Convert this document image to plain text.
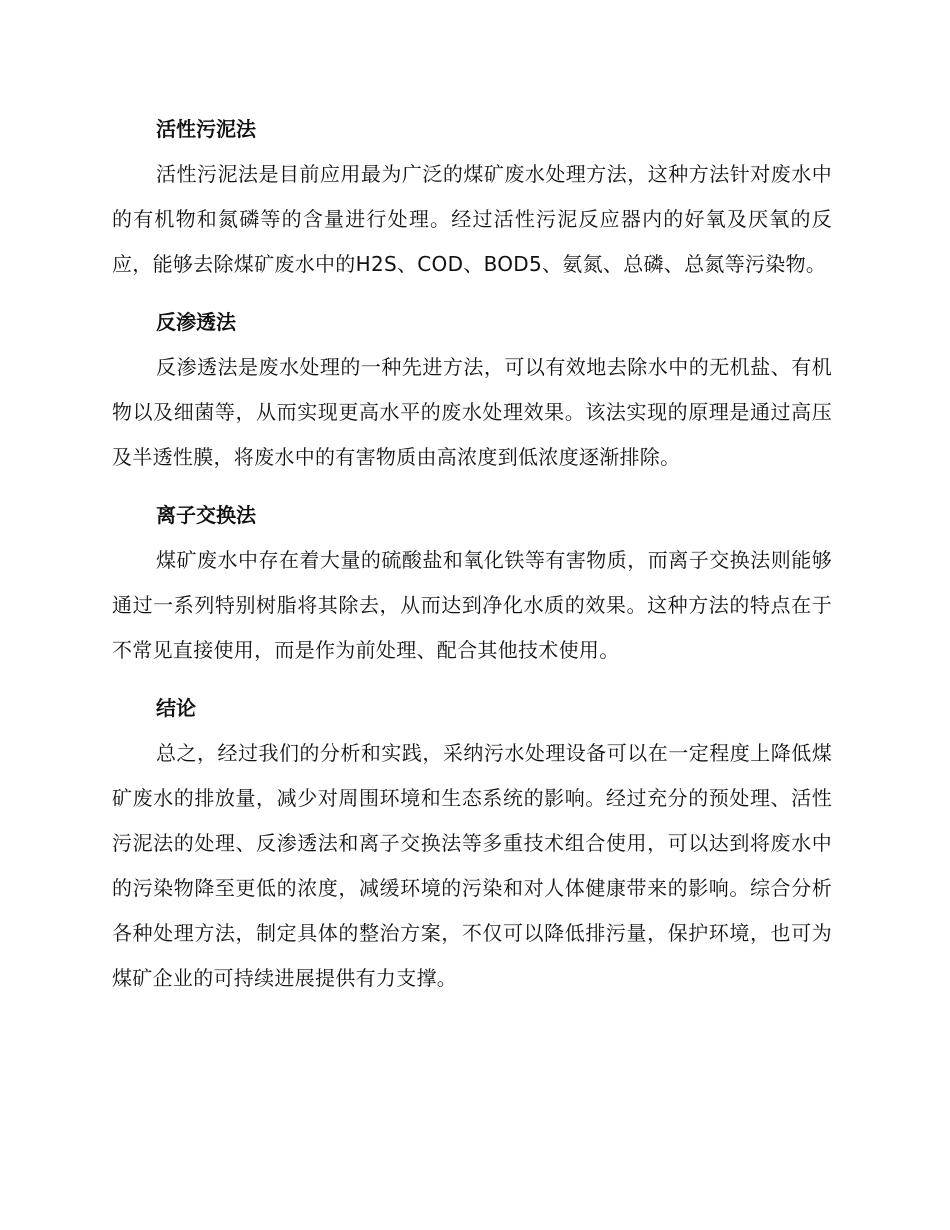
活性污泥法

活性污泥法是目前应用最为广泛的煤矿废水处理方法，这种方法针对废水中的有机物和氮磷等的含量进行处理。经过活性污泥反应器内的好氧及厌氧的反应，能够去除煤矿废水中的H2S、COD、BOD5、氨氮、总磷、总氮等污染物。

反渗透法

反渗透法是废水处理的一种先进方法，可以有效地去除水中的无机盐、有机物以及细菌等，从而实现更高水平的废水处理效果。该法实现的原理是通过高压及半透性膜，将废水中的有害物质由高浓度到低浓度逐渐排除。

离子交换法

煤矿废水中存在着大量的硫酸盐和氧化铁等有害物质，而离子交换法则能够通过一系列特别树脂将其除去，从而达到净化水质的效果。这种方法的特点在于不常见直接使用，而是作为前处理、配合其他技术使用。

结论

总之，经过我们的分析和实践，采纳污水处理设备可以在一定程度上降低煤矿废水的排放量，减少对周围环境和生态系统的影响。经过充分的预处理、活性污泥法的处理、反渗透法和离子交换法等多重技术组合使用，可以达到将废水中的污染物降至更低的浓度，减缓环境的污染和对人体健康带来的影响。综合分析各种处理方法，制定具体的整治方案，不仅可以降低排污量，保护环境，也可为煤矿企业的可持续进展提供有力支撑。
